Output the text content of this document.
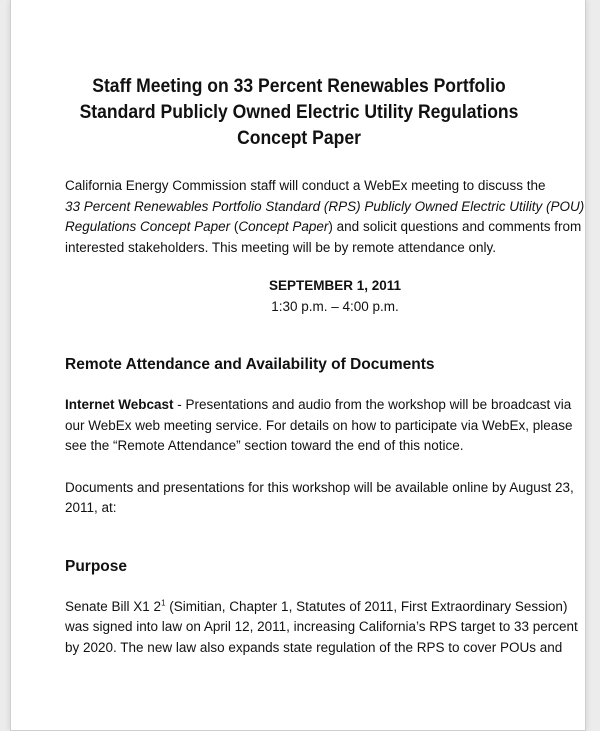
Staff Meeting on 33 Percent Renewables Portfolio
Standard Publicly Owned Electric Utility Regulations
Concept Paper

California Energy Commission staff will conduct a WebEx meeting to discuss the
33 Percent Renewables Portfolio Standard (RPS) Publicly Owned Electric Utility (POU)
Regulations Concept Paper (Concept Paper) and solicit questions and comments from
interested stakeholders. This meeting will be by remote attendance only.

SEPTEMBER 1, 2011
1:30 p.m. – 4:00 p.m.
Remote Attendance and Availability of Documents

Internet Webcast - Presentations and audio from the workshop will be broadcast via
our WebEx web meeting service. For details on how to participate via WebEx, please
see the “Remote Attendance” section toward the end of this notice.

Documents and presentations for this workshop will be available online by August 23,
2011, at:

Purpose

Senate Bill X1 $2^1$ (Simitian, Chapter 1, Statutes of 2011, First Extraordinary Session)
was signed into law on April 12, 2011, increasing California’s RPS target to 33 percent
by 2020. The new law also expands state regulation of the RPS to cover POUs and
